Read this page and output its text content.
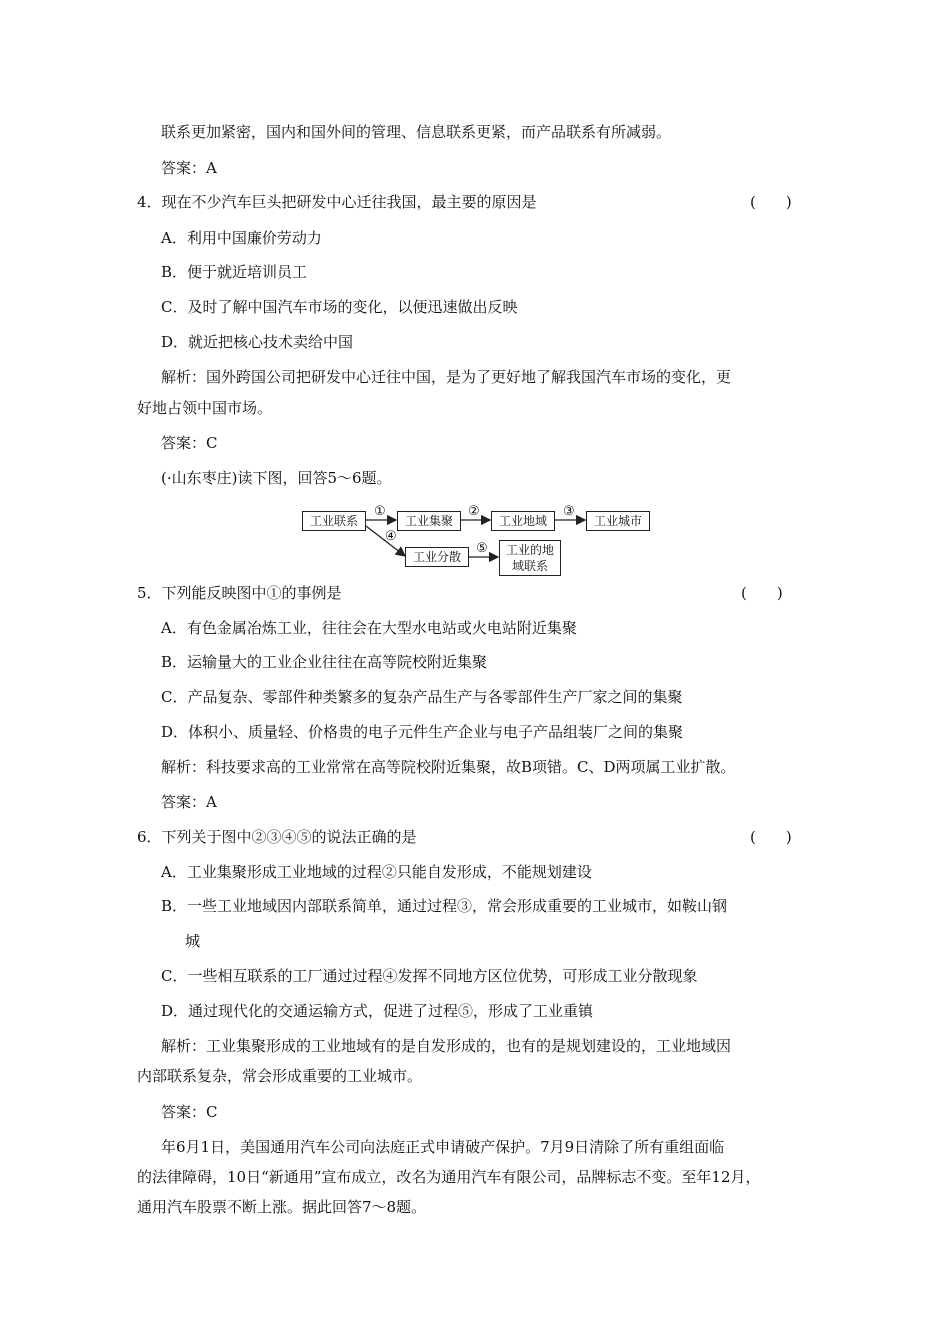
联系更加紧密，国内和国外间的管理、信息联系更紧，而产品联系有所减弱。
答案：A
4．现在不少汽车巨头把研发中心迁往我国，最主要的原因是	(　　)
A．利用中国廉价劳动力
B．便于就近培训员工
C．及时了解中国汽车市场的变化，以便迅速做出反映
D．就近把核心技术卖给中国
解析：国外跨国公司把研发中心迁往中国，是为了更好地了解我国汽车市场的变化，更
好地占领中国市场。
答案：C
(·山东枣庄)读下图，回答5～6题。
工业联系	工业集聚	工业地域	工业城市
工业分散	工业的地域联系
①	②	③
④
⑤
5．下列能反映图中①的事例是	(　　)
A．有色金属冶炼工业，往往会在大型水电站或火电站附近集聚
B．运输量大的工业企业往往在高等院校附近集聚
C．产品复杂、零部件种类繁多的复杂产品生产与各零部件生产厂家之间的集聚
D．体积小、质量轻、价格贵的电子元件生产企业与电子产品组装厂之间的集聚
解析：科技要求高的工业常常在高等院校附近集聚，故B项错。C、D两项属工业扩散。
答案：A
6．下列关于图中②③④⑤的说法正确的是	(　　)
A．工业集聚形成工业地域的过程②只能自发形成，不能规划建设
B．一些工业地域因内部联系简单，通过过程③，常会形成重要的工业城市，如鞍山钢
城
C．一些相互联系的工厂通过过程④发挥不同地方区位优势，可形成工业分散现象
D．通过现代化的交通运输方式，促进了过程⑤，形成了工业重镇
解析：工业集聚形成的工业地域有的是自发形成的，也有的是规划建设的，工业地域因
内部联系复杂，常会形成重要的工业城市。
答案：C
年6月1日，美国通用汽车公司向法庭正式申请破产保护。7月9日清除了所有重组面临
的法律障碍，10日“新通用”宣布成立，改名为通用汽车有限公司，品牌标志不变。至年12月，
通用汽车股票不断上涨。据此回答7～8题。
